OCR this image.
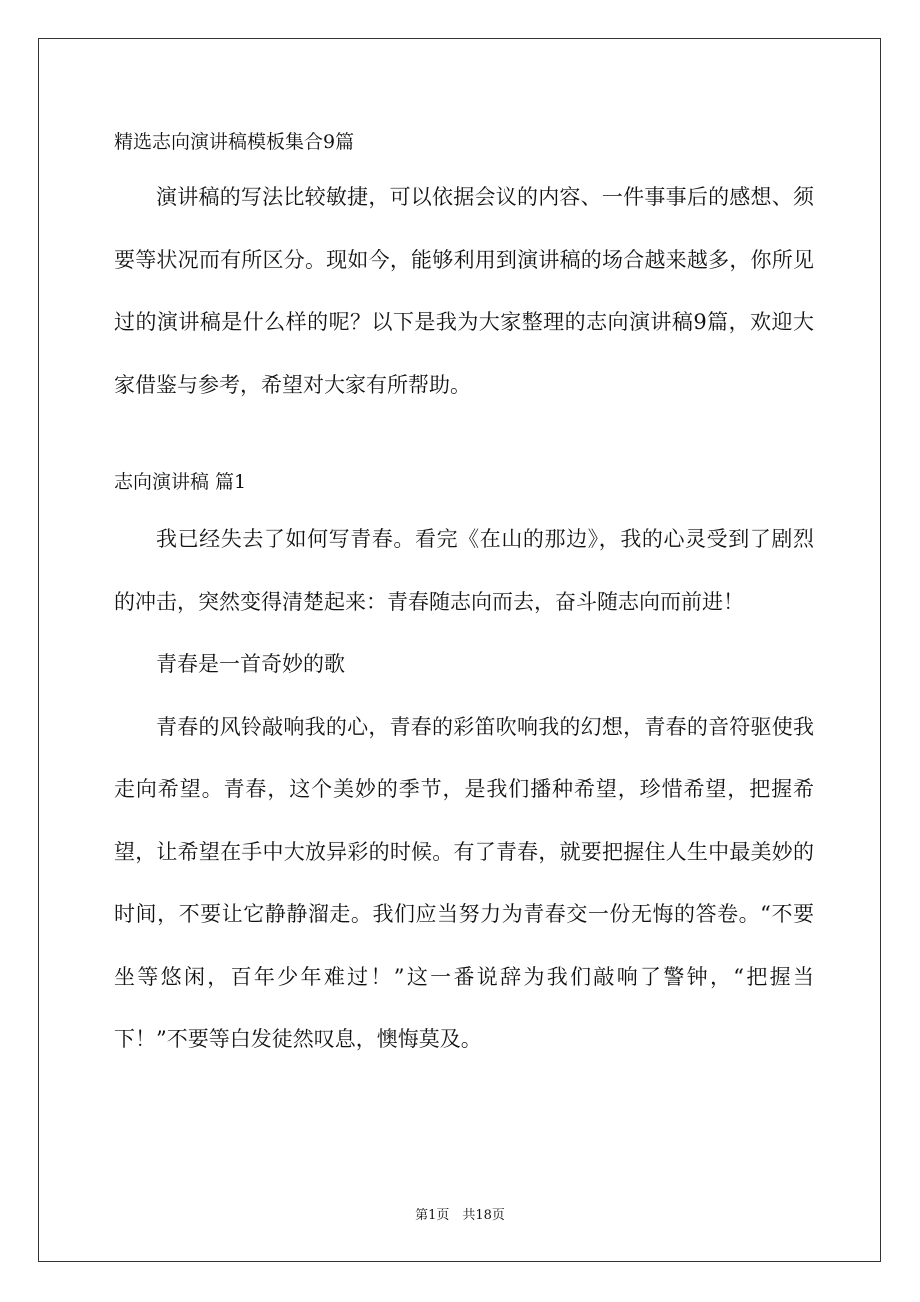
精选志向演讲稿模板集合9篇

演讲稿的写法比较敏捷，可以依据会议的内容、一件事事后的感想、须要等状况而有所区分。现如今，能够利用到演讲稿的场合越来越多，你所见过的演讲稿是什么样的呢？以下是我为大家整理的志向演讲稿9篇，欢迎大家借鉴与参考，希望对大家有所帮助。

志向演讲稿 篇1

我已经失去了如何写青春。看完《在山的那边》，我的心灵受到了剧烈的冲击，突然变得清楚起来：青春随志向而去，奋斗随志向而前进！

青春是一首奇妙的歌

青春的风铃敲响我的心，青春的彩笛吹响我的幻想，青春的音符驱使我走向希望。青春，这个美妙的季节，是我们播种希望，珍惜希望，把握希望，让希望在手中大放异彩的时候。有了青春，就要把握住人生中最美妙的时间，不要让它静静溜走。我们应当努力为青春交一份无悔的答卷。“不要坐等悠闲，百年少年难过！”这一番说辞为我们敲响了警钟，“把握当下！”不要等白发徒然叹息，懊悔莫及。

第1页　共18页
